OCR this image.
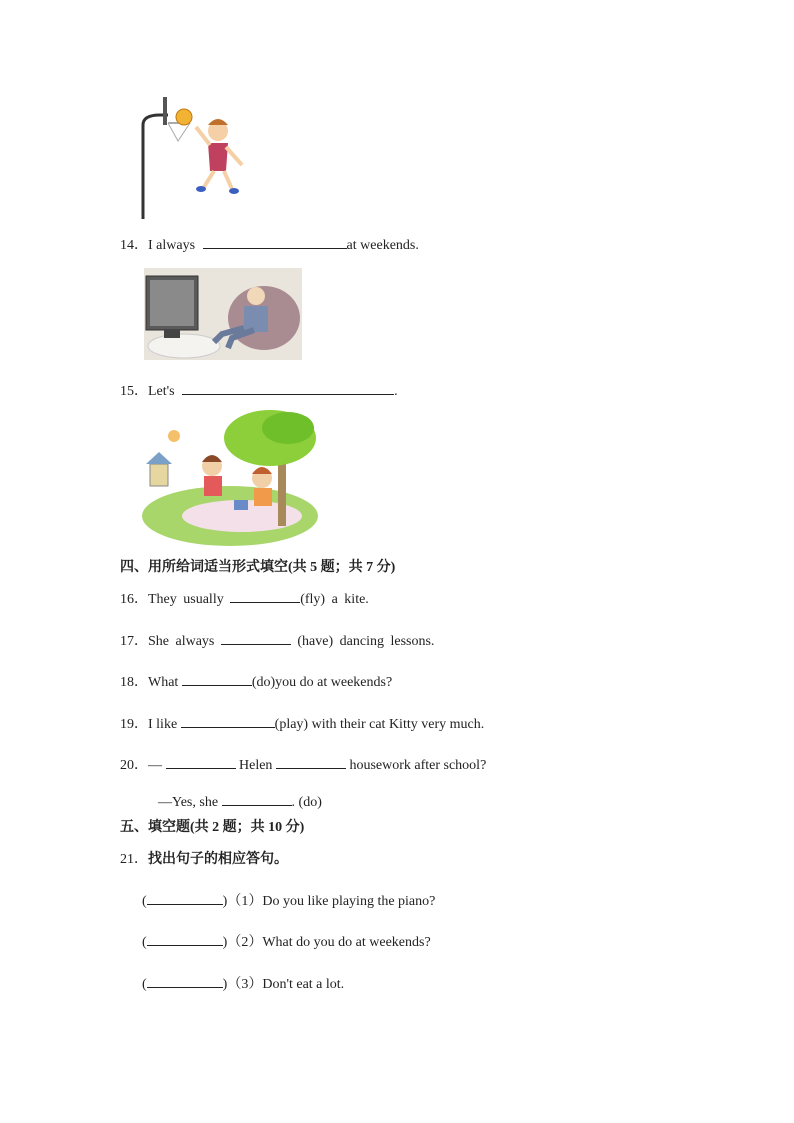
14．I always	at weekends.
15．Let's	.
四、用所给词适当形式填空(共 5 题；共 7 分)
16．They usually	(fly) a kite.
17．She always	(have) dancing lessons.
18．What	(do)you do at weekends?
19．I like	(play) with their cat Kitty very much.
20．—	Helen	housework after school?
—Yes, she	. (do)
五、填空题(共 2 题；共 10 分)
21．找出句子的相应答句。
(	)（1）Do you like playing the piano?
(	)（2）What do you do at weekends?
(	)（3）Don't eat a lot.
